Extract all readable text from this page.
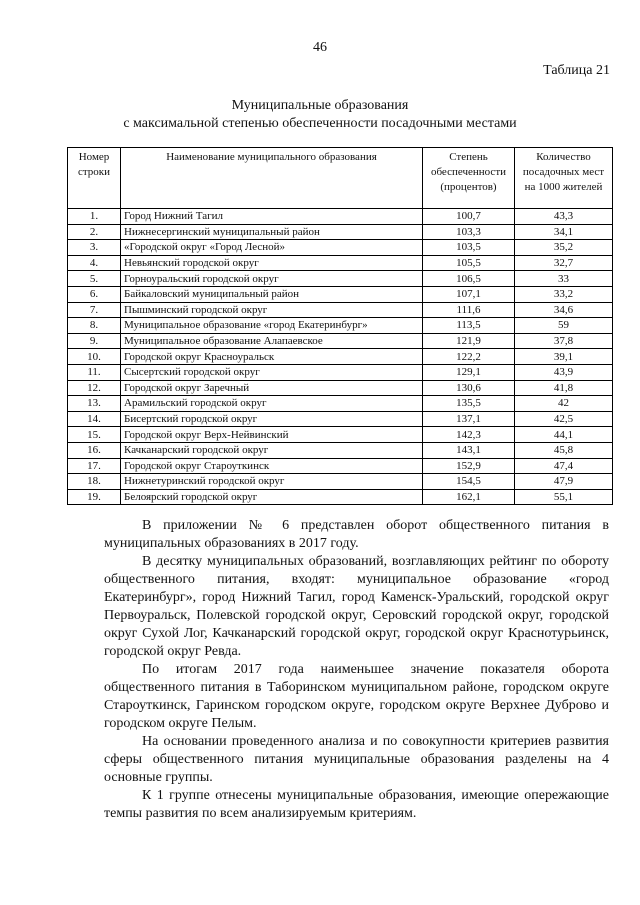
46
Таблица 21
Муниципальные образования
с максимальной степенью обеспеченности посадочными местами
Номер строки	Наименование муниципального образования	Степень обеспеченности (процентов)	Количество посадочных мест на 1000 жителей
1.	Город Нижний Тагил	100,7	43,3
2.	Нижнесергинский муниципальный район	103,3	34,1
3.	«Городской округ «Город Лесной»	103,5	35,2
4.	Невьянский городской округ	105,5	32,7
5.	Горноуральский городской округ	106,5	33
6.	Байкаловский муниципальный район	107,1	33,2
7.	Пышминский городской округ	111,6	34,6
8.	Муниципальное образование «город Екатеринбург»	113,5	59
9.	Муниципальное образование Алапаевское	121,9	37,8
10.	Городской округ Красноуральск	122,2	39,1
11.	Сысертский городской округ	129,1	43,9
12.	Городской округ Заречный	130,6	41,8
13.	Арамильский городской округ	135,5	42
14.	Бисертский городской округ	137,1	42,5
15.	Городской округ Верх-Нейвинский	142,3	44,1
16.	Качканарский городской округ	143,1	45,8
17.	Городской округ Староуткинск	152,9	47,4
18.	Нижнетуринский городской округ	154,5	47,9
19.	Белоярский городской округ	162,1	55,1

В приложении № 6 представлен оборот общественного питания в муниципальных образованиях в 2017 году.

В десятку муниципальных образований, возглавляющих рейтинг по обороту общественного питания, входят: муниципальное образование «город Екатеринбург», город Нижний Тагил, город Каменск-Уральский, городской округ Первоуральск, Полевской городской округ, Серовский городской округ, городской округ Сухой Лог, Качканарский городской округ, городской округ Краснотурьинск, городской округ Ревда.

По итогам 2017 года наименьшее значение показателя оборота общественного питания в Таборинском муниципальном районе, городском округе Староуткинск, Гаринском городском округе, городском округе Верхнее Дуброво и городском округе Пелым.

На основании проведенного анализа и по совокупности критериев развития сферы общественного питания муниципальные образования разделены на 4 основные группы.

К 1 группе отнесены муниципальные образования, имеющие опережающие темпы развития по всем анализируемым критериям.
